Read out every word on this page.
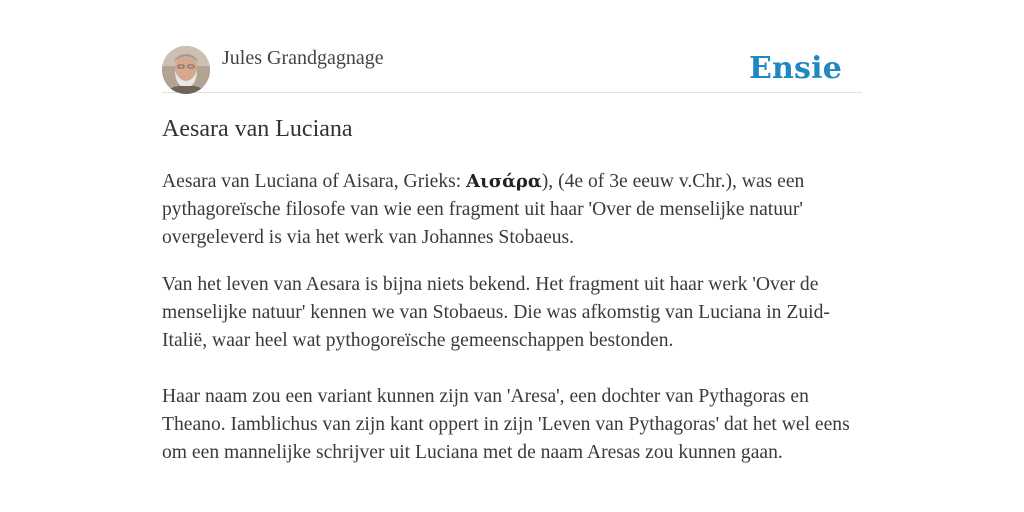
Jules Grandgagnage	Ensie
Aesara van Luciana

Aesara van Luciana of Aisara, Grieks: Αισάρα), (4e of 3e eeuw v.Chr.), was een pythagoreïsche filosofe van wie een fragment uit haar 'Over de menselijke natuur' overgeleverd is via het werk van Johannes Stobaeus.

Van het leven van Aesara is bijna niets bekend. Het fragment uit haar werk 'Over de menselijke natuur' kennen we van Stobaeus. Die was afkomstig van Luciana in Zuid-Italië, waar heel wat pythogoreïsche gemeenschappen bestonden.

Haar naam zou een variant kunnen zijn van 'Aresa', een dochter van Pythagoras en Theano. Iamblichus van zijn kant oppert in zijn 'Leven van Pythagoras' dat het wel eens om een mannelijke schrijver uit Luciana met de naam Aresas zou kunnen gaan.
